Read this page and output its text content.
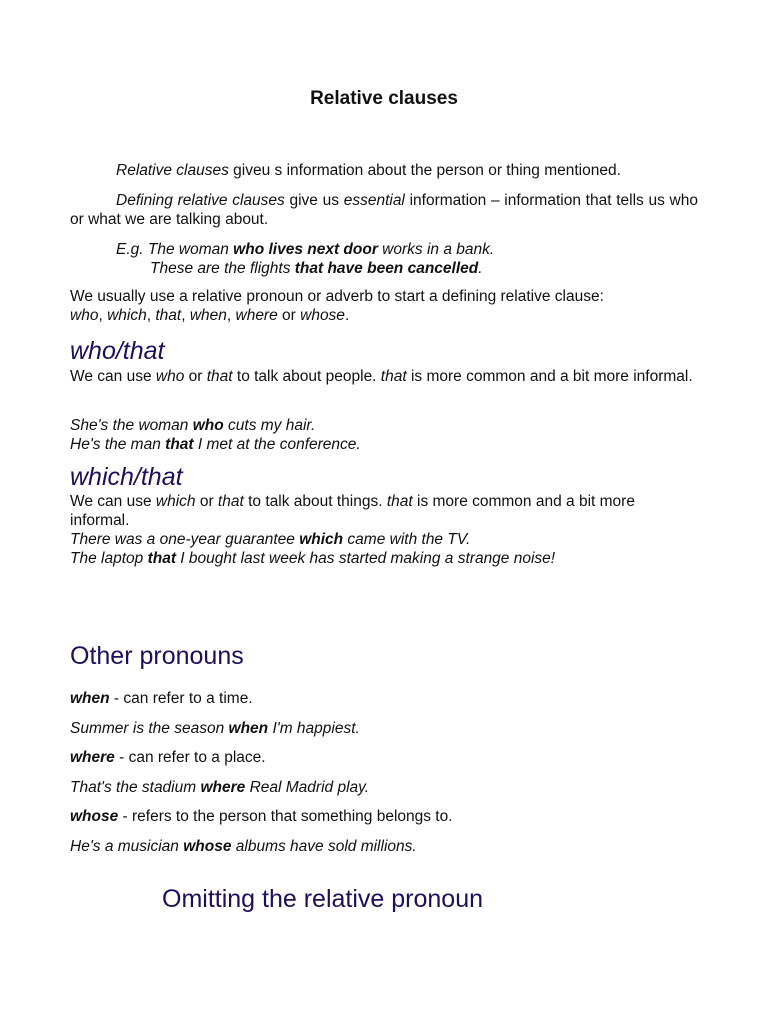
Relative clauses
Relative clauses giveu s information about the person or thing mentioned.
Defining relative clauses give us essential information – information that tells us who or what we are talking about.
E.g. The woman who lives next door works in a bank.
These are the flights that have been cancelled.
We usually use a relative pronoun or adverb to start a defining relative clause: who, which, that, when, where or whose.
who/that
We can use who or that to talk about people. that is more common and a bit more informal.
She's the woman who cuts my hair.
He's the man that I met at the conference.
which/that
We can use which or that to talk about things. that is more common and a bit more informal.
There was a one-year guarantee which came with the TV.
The laptop that I bought last week has started making a strange noise!
Other pronouns
when - can refer to a time.
Summer is the season when I'm happiest.
where - can refer to a place.
That's the stadium where Real Madrid play.
whose - refers to the person that something belongs to.
He's a musician whose albums have sold millions.
Omitting the relative pronoun
